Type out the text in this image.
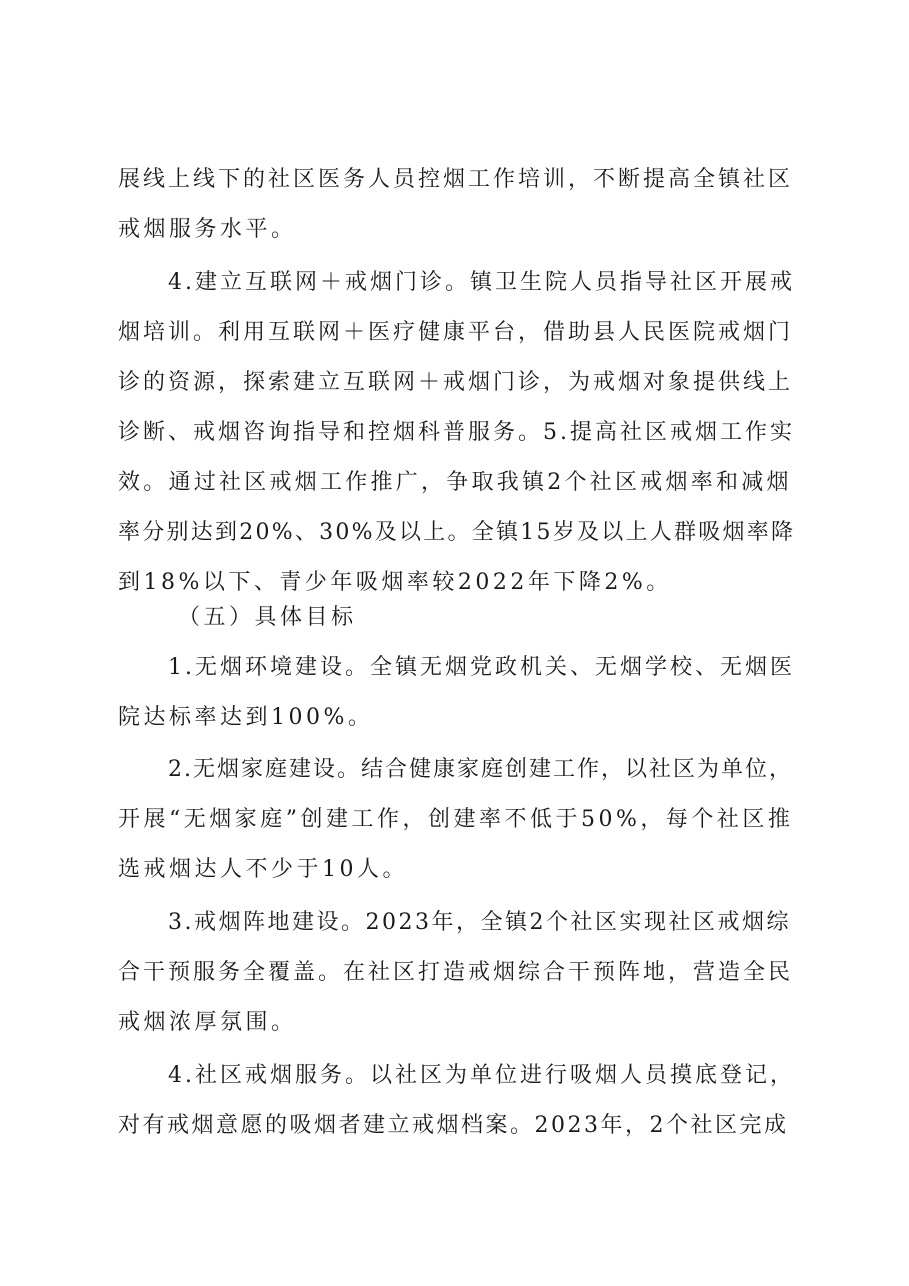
展线上线下的社区医务人员控烟工作培训，不断提高全镇社区
戒烟服务水平。
4.建立互联网＋戒烟门诊。镇卫生院人员指导社区开展戒
烟培训。利用互联网＋医疗健康平台，借助县人民医院戒烟门
诊的资源，探索建立互联网＋戒烟门诊，为戒烟对象提供线上
诊断、戒烟咨询指导和控烟科普服务。5.提高社区戒烟工作实
效。通过社区戒烟工作推广，争取我镇2个社区戒烟率和减烟
率分别达到20%、30%及以上。全镇15岁及以上人群吸烟率降
到18%以下、青少年吸烟率较2022年下降2%。
（五）具体目标
1.无烟环境建设。全镇无烟党政机关、无烟学校、无烟医
院达标率达到100%。
2.无烟家庭建设。结合健康家庭创建工作，以社区为单位，
开展“无烟家庭”创建工作，创建率不低于50%，每个社区推
选戒烟达人不少于10人。
3.戒烟阵地建设。2023年，全镇2个社区实现社区戒烟综
合干预服务全覆盖。在社区打造戒烟综合干预阵地，营造全民
戒烟浓厚氛围。
4.社区戒烟服务。以社区为单位进行吸烟人员摸底登记，
对有戒烟意愿的吸烟者建立戒烟档案。2023年，2个社区完成
